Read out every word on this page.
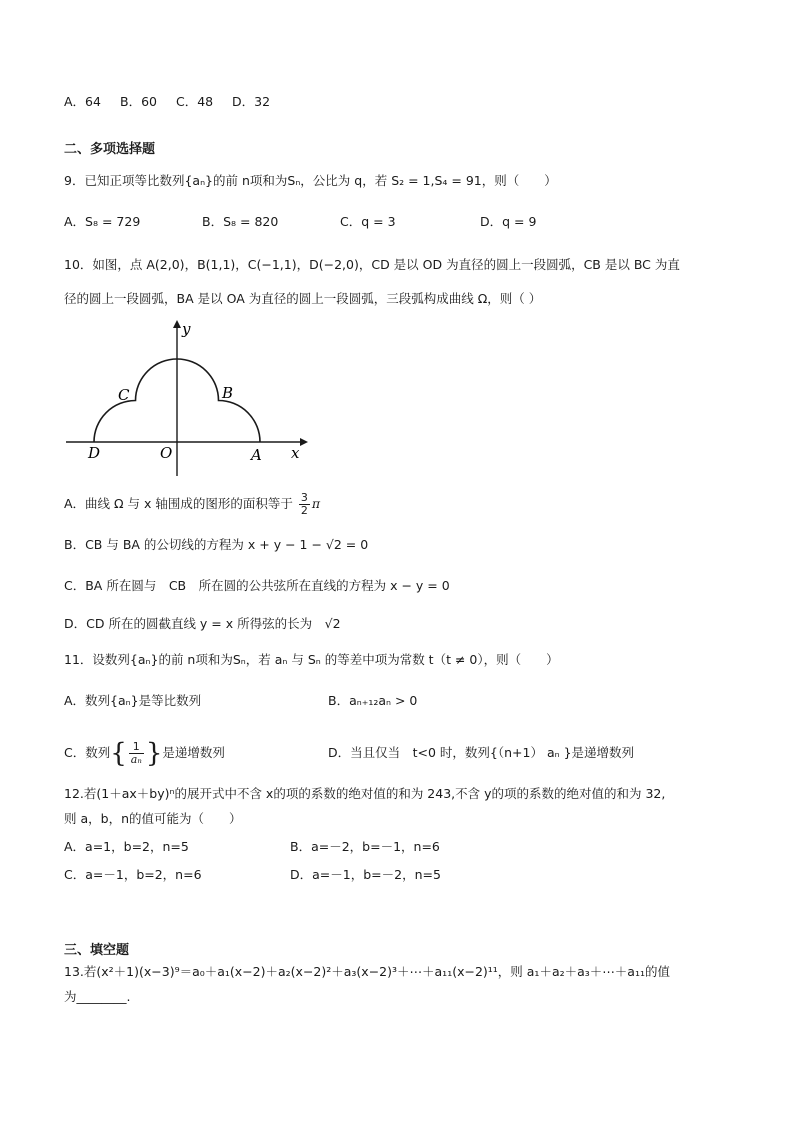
A．64 B．60 C．48 D．32
二、多项选择题
9．已知正项等比数列{aₙ}的前 n项和为Sₙ，公比为 q，若 S₂ = 1,S₄ = 91，则（　　）
A．S₈ = 729	B．S₈ = 820	C．q = 3	D．q = 9
10．如图，点 A(2,0)，B(1,1)，C(−1,1)，D(−2,0)，CD 是以 OD 为直径的圆上一段圆弧，CB 是以 BC 为直
径的圆上一段圆弧，BA 是以 OA 为直径的圆上一段圆弧，三段弧构成曲线 Ω，则（ ）
y
x
C	B
D	O	A
A．曲线 Ω 与 x 轴围成的图形的面积等于 $\frac{3}{2}$ π
B．CB 与 BA 的公切线的方程为 x + y − 1 − √2 = 0
C．BA 所在圆与　CB　所在圆的公共弦所在直线的方程为 x − y = 0
D．CD 所在的圆截直线 y = x 所得弦的长为　√2
11．设数列{aₙ}的前 n项和为Sₙ，若 aₙ 与 Sₙ 的等差中项为常数 t（t ≠ 0），则（　　）
A．数列{aₙ}是等比数列	B．aₙ₊₁₂aₙ > 0
C．数列{ $\frac{1}{\text{aₙ}}$ }是递增数列	D．当且仅当　t<0 时，数列{（n+1） aₙ }是递增数列
12.若(1＋ax＋by)ⁿ的展开式中不含 x的项的系数的绝对值的和为 243,不含 y的项的系数的绝对值的和为 32,
则 a，b，n的值可能为（　　）
A．a=1，b=2，n=5	B．a=－2，b=－1，n=6
C．a=－1，b=2，n=6	D．a=－1，b=－2，n=5
三、填空题
13.若(x²＋1)(x−3)⁹＝a₀＋a₁(x−2)＋a₂(x−2)²＋a₃(x−2)³＋⋯＋a₁₁(x−2)¹¹，则 a₁＋a₂＋a₃＋⋯＋a₁₁的值
为________.
